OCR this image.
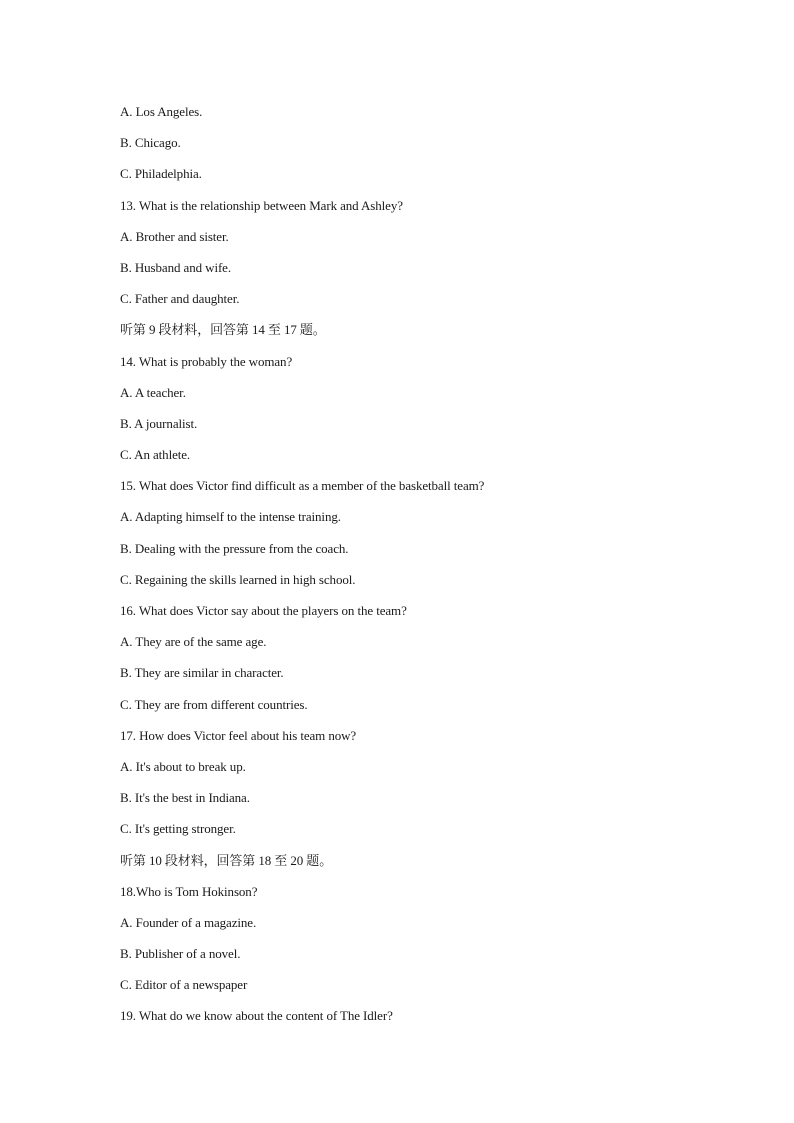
A. Los Angeles.
B. Chicago.
C. Philadelphia.
13. What is the relationship between Mark and Ashley?
A. Brother and sister.
B. Husband and wife.
C. Father and daughter.
听第 9 段材料，回答第 14 至 17 题。
14. What is probably the woman?
A. A teacher.
B. A journalist.
C. An athlete.
15. What does Victor find difficult as a member of the basketball team?
A. Adapting himself to the intense training.
B. Dealing with the pressure from the coach.
C. Regaining the skills learned in high school.
16. What does Victor say about the players on the team?
A. They are of the same age.
B. They are similar in character.
C. They are from different countries.
17. How does Victor feel about his team now?
A. It's about to break up.
B. It's the best in Indiana.
C. It's getting stronger.
听第 10 段材料，回答第 18 至 20 题。
18.Who is Tom Hokinson?
A. Founder of a magazine.
B. Publisher of a novel.
C. Editor of a newspaper
19. What do we know about the content of The Idler?
